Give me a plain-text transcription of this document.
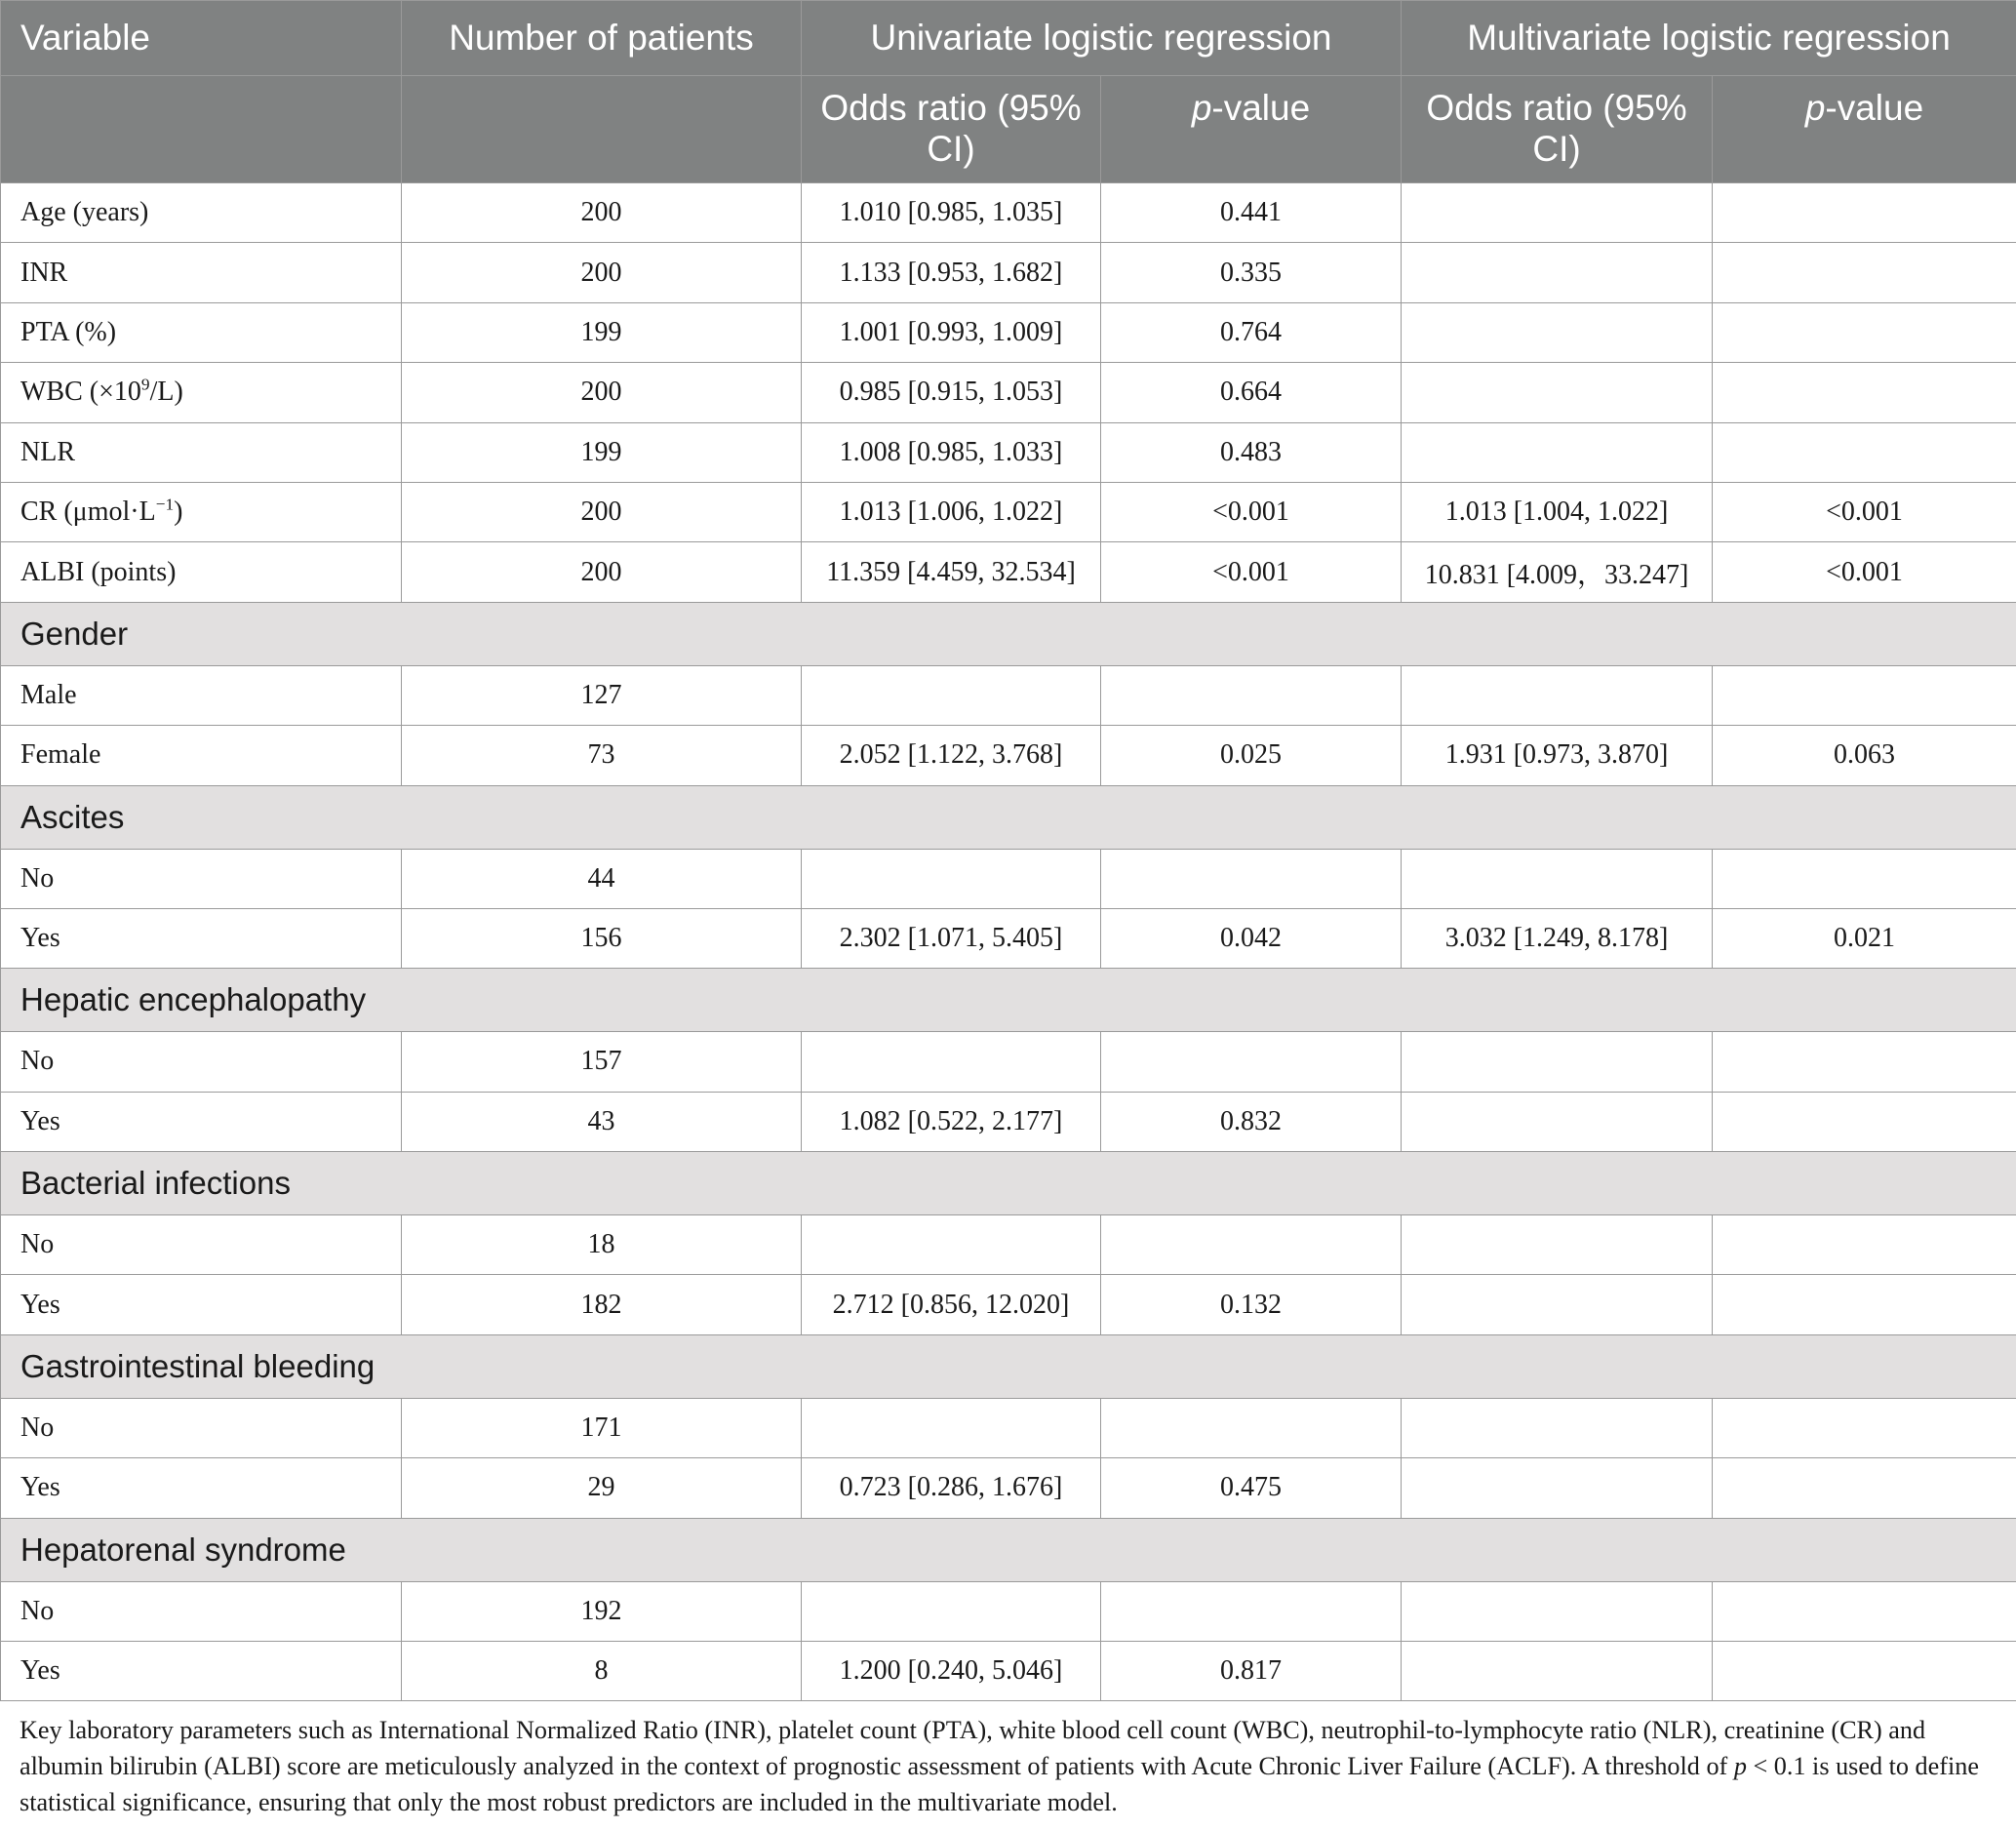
Variable	Number of patients	Univariate logistic regression		Multivariate logistic regression	
		Odds ratio (95% CI)	p-value	Odds ratio (95% CI)	p-value
Age (years)	200	1.010 [0.985, 1.035]	0.441		
INR	200	1.133 [0.953, 1.682]	0.335		
PTA (%)	199	1.001 [0.993, 1.009]	0.764		
WBC $(\times 10^9/L)$	200	0.985 [0.915, 1.053]	0.664		
NLR	199	1.008 [0.985, 1.033]	0.483		
CR $(\mu mol\cdot L^{-1})$	200	1.013 [1.006, 1.022]	<0.001	1.013 [1.004, 1.022]	<0.001
ALBI (points)	200	11.359 [4.459, 32.534]	<0.001	10.831 [4.009，33.247]	<0.001
Gender					
Male	127				
Female	73	2.052 [1.122, 3.768]	0.025	1.931 [0.973, 3.870]	0.063
Ascites					
No	44				
Yes	156	2.302 [1.071, 5.405]	0.042	3.032 [1.249, 8.178]	0.021
Hepatic encephalopathy					
No	157				
Yes	43	1.082 [0.522, 2.177]	0.832		
Bacterial infections					
No	18				
Yes	182	2.712 [0.856, 12.020]	0.132		
Gastrointestinal bleeding					
No	171				
Yes	29	0.723 [0.286, 1.676]	0.475		
Hepatorenal syndrome					
No	192				
Yes	8	1.200 [0.240, 5.046]	0.817		
Key laboratory parameters such as International Normalized Ratio (INR), platelet count (PTA), white blood cell count (WBC), neutrophil-to-lymphocyte ratio (NLR), creatinine (CR) and albumin bilirubin (ALBI) score are meticulously analyzed in the context of prognostic assessment of patients with Acute Chronic Liver Failure (ACLF). A threshold of p < 0.1 is used to define statistical significance, ensuring that only the most robust predictors are included in the multivariate model.
